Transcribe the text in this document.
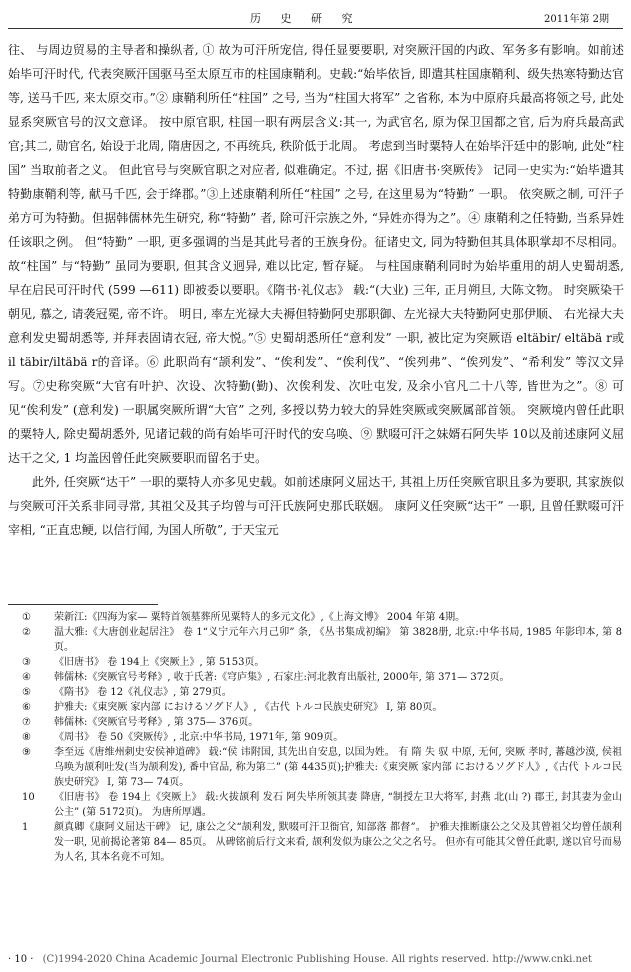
历 史 研 究	2011年第 2期

往、 与周边贸易的主导者和操纵者, ① 故为可汗所宠信, 得任显要要职, 对突厥汗国的内政、军务多有影响。如前述始毕可汗时代, 代表突厥汗国驱马至太原互市的柱国康鞘利。史载:“始毕依旨, 即遣其柱国康鞘利、级失热寒特勤达官等, 送马千匹, 来太原交市。”② 康鞘利所任“柱国” 之号, 当为“柱国大将军” 之省称, 本为中原府兵最高将领之号, 此处显系突厥官号的汉文意译。 按中原官职, 柱国一职有两层含义:其一, 为武官名, 原为保卫国都之官, 后为府兵最高武官;其二, 勋官名, 始设于北周, 隋唐因之, 不再统兵, 秩阶低于北周。 考虑到当时粟特人在始毕汗廷中的影响, 此处“柱国” 当取前者之义。 但此官号与突厥官职之对应者, 似难确定。不过, 据《旧唐书·突厥传》 记同一史实为:“始毕遣其特勤康鞘利等, 献马千匹, 会于绛郡。”③上述康鞘利所任“柱国” 之号, 在这里易为“特勤” 一职。 依突厥之制, 可汗子弟方可为特勤。但据韩儒林先生研究, 称“特勤” 者, 除可汗宗族之外, “异姓亦得为之”。④ 康鞘利之任特勤, 当系异姓任该职之例。 但“特勤” 一职, 更多强调的当是其此号者的王族身份。征诸史文, 同为特勤但其具体职掌却不尽相同。故“柱国” 与“特勤” 虽同为要职, 但其含义迥异, 难以比定, 暂存疑。 与柱国康鞘利同时为始毕重用的胡人史蜀胡悉, 早在启民可汗时代 (599 —611) 即被委以要职。《隋书·礼仪志》 载:“(大业) 三年, 正月朔旦, 大陈文物。 时突厥染干朝见, 慕之, 请袭冠冕, 帝不许。 明日, 率左光禄大夫褥但特勤阿史那职御、左光禄大夫特勤阿史那伊顺、 右光禄大夫意利发史蜀胡悉等, 并拜表固请衣冠, 帝大悦。”⑤ 史蜀胡悉所任“意利发” 一职, 被比定为突厥语 eltäbir/ eltäbä r或il täbir/iltäbä r的音译。⑥ 此职尚有“颉利发”、“俟利发”、“俟利伐”、“俟列弗”、“俟列发”、“希利发” 等汉文异写。⑦史称突厥“大官有叶护、次设、次特勤(勤)、次俟利发、次吐屯发, 及余小官凡二十八等, 皆世为之”。⑧ 可见“俟利发” (意利发) 一职属突厥所谓“大官” 之列, 多授以势力较大的异姓突厥或突厥属部首领。 突厥境内曾任此职的粟特人, 除史蜀胡悉外, 见诸记载的尚有始毕可汗时代的安乌唤、⑨ 默啜可汗之妹婿石阿失毕 10以及前述康阿义屈达干之父, 1 均盖因曾任此突厥要职而留名于史。

此外, 任突厥“达干” 一职的粟特人亦多见史载。如前述康阿义屈达干, 其祖上历任突厥官职且多为要职, 其家族似与突厥可汗关系非同寻常, 其祖父及其子均曾与可汗氏族阿史那氏联姻。 康阿义任突厥“达干” 一职, 且曾任默啜可汗宰相, “正直忠鲠, 以信行闻, 为国人所敬”, 于天宝元

①	荣新江:《四海为家— 粟特首领墓葬所见粟特人的多元文化》,《上海文博》 2004 年第 4期。
②	温大雅:《大唐创业起居注》 卷 1“义宁元年六月己卯” 条, 《丛书集成初编》 第 3828册, 北京:中华书局, 1985 年影印本, 第 8页。
③	《旧唐书》 卷 194上《突厥上》, 第 5153页。
④	韩儒林:《突厥官号考释》, 收于氏著:《穹庐集》, 石家庄:河北教育出版社, 2000年, 第 371— 372页。
⑤	《隋书》 卷 12《礼仪志》, 第 279页。
⑥	护雅夫:《東突厥 家内部 におけるソグド人》, 《古代 トルコ民族史研究》 I, 第 80页。
⑦	韩儒林:《突厥官号考释》, 第 375— 376页。
⑧	《周书》 卷 50《突厥传》, 北京:中华书局, 1971年, 第 909页。
⑨	李至远《唐维州刺史安侯神道碑》 载:“侯 讳附国, 其先出自安息, 以国为姓。 有 隋 失 驭 中原, 无何, 突厥 孝时, 蕃越沙漠, 侯祖乌唤为颉利吐发(当为颉利发), 番中官品, 称为第二” (第 4435页);护雅夫:《東突厥 家内部 におけるソグド人》,《古代 トルコ民族史研究》 I, 第 73— 74页。
10	《旧唐书》 卷 194上《突厥上》 载:火拔颉利 发石 阿失毕所领其妻 降唐, “制授左卫大将军, 封燕 北(山 ?) 郡王, 封其妻为金山公主” (第 5172页)。 为唐所厚遇。
1	颜真卿《康阿义屈达干碑》 记, 康公之父“颉利发, 默啜可汗卫衙官, 知部落 都督”。 护雅夫推断康公之父及其曾祖父均曾任颉利发一职, 见前揭论著第 84— 85页。 从碑铭前后行文来看, 颉利发似为康公之父之名号。 但亦有可能其父曾任此职, 遂以官号而易为人名, 其本名竟不可知。
· 10 · (C)1994-2020 China Academic Journal Electronic Publishing House. All rights reserved. http://www.cnki.net
